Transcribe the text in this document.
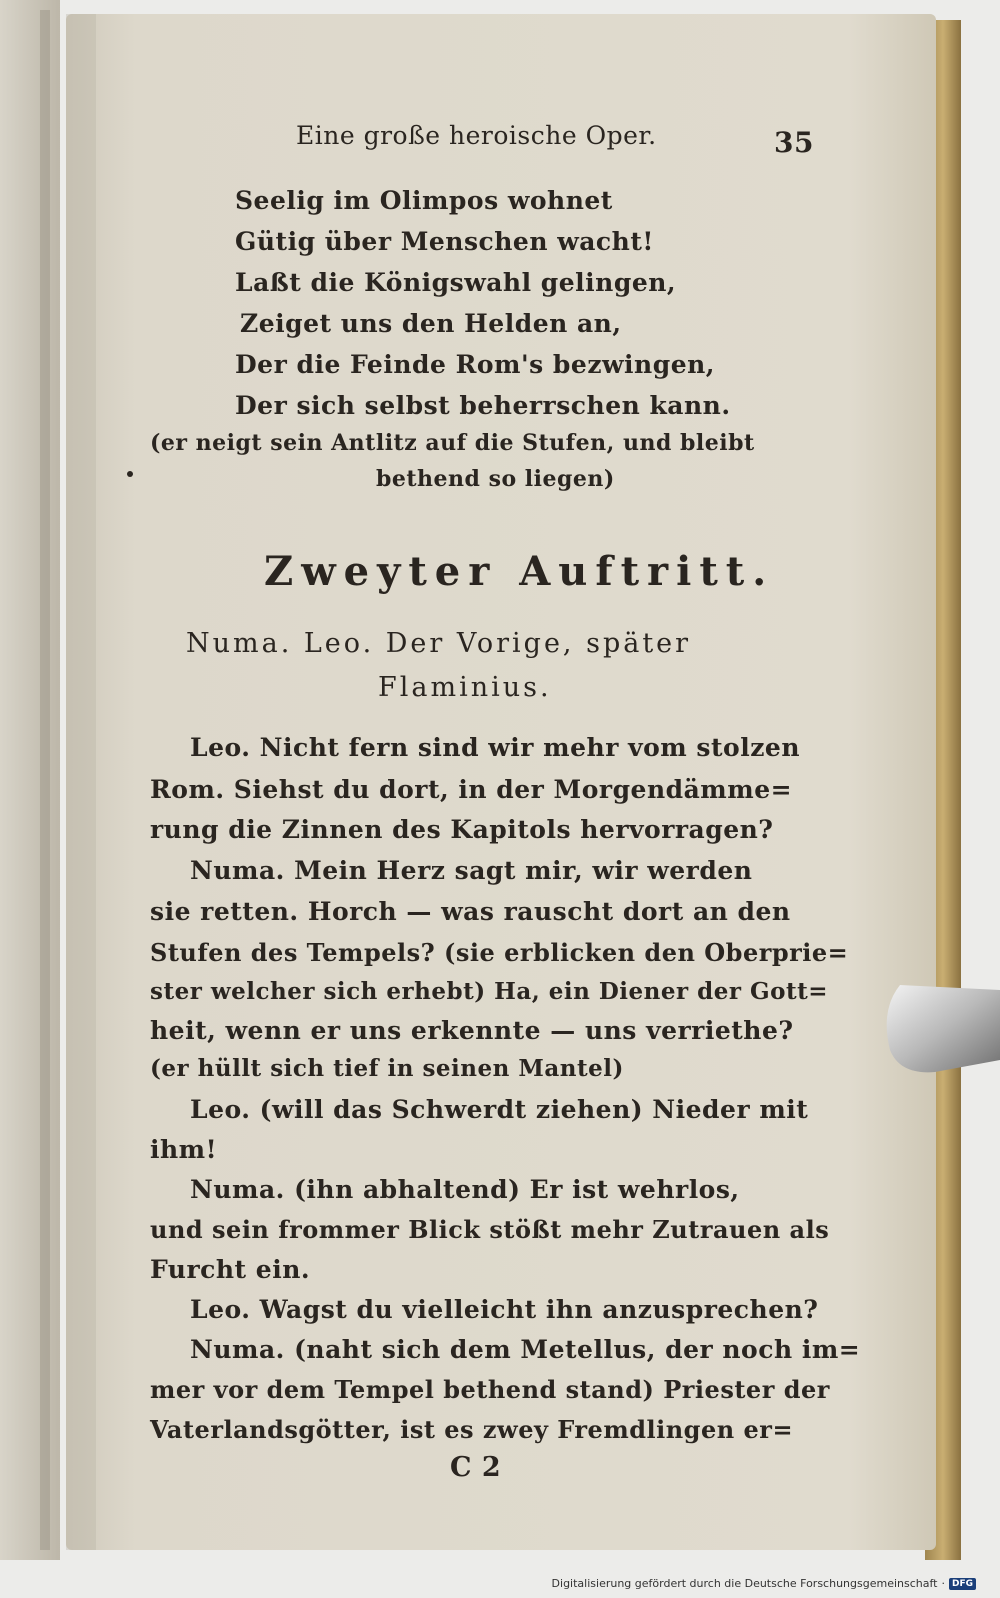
Eine große heroische Oper.	35
Seelig im Olimpos wohnet
Gütig über Menschen wacht!
Laßt die Königswahl gelingen,
Zeiget uns den Helden an,
Der die Feinde Rom's bezwingen,
Der sich selbst beherrschen kann.
(er neigt sein Antlitz auf die Stufen, und bleibt
bethend so liegen)
Zweyter Auftritt.
Numa. Leo. Der Vorige, später
Flaminius.
Leo. Nicht fern sind wir mehr vom stolzen
Rom. Siehst du dort, in der Morgendämme=
rung die Zinnen des Kapitols hervorragen?
Numa. Mein Herz sagt mir, wir werden
sie retten. Horch — was rauscht dort an den
Stufen des Tempels? (sie erblicken den Oberprie=
ster welcher sich erhebt) Ha, ein Diener der Gott=
heit, wenn er uns erkennte — uns verriethe?
(er hüllt sich tief in seinen Mantel)
Leo. (will das Schwerdt ziehen) Nieder mit
ihm!
Numa. (ihn abhaltend) Er ist wehrlos,
und sein frommer Blick stößt mehr Zutrauen als
Furcht ein.
Leo. Wagst du vielleicht ihn anzusprechen?
Numa. (naht sich dem Metellus, der noch im=
mer vor dem Tempel bethend stand) Priester der
Vaterlandsgötter, ist es zwey Fremdlingen er=
C 2
Digitalisierung gefördert durch die Deutsche Forschungsgemeinschaft · DFG
